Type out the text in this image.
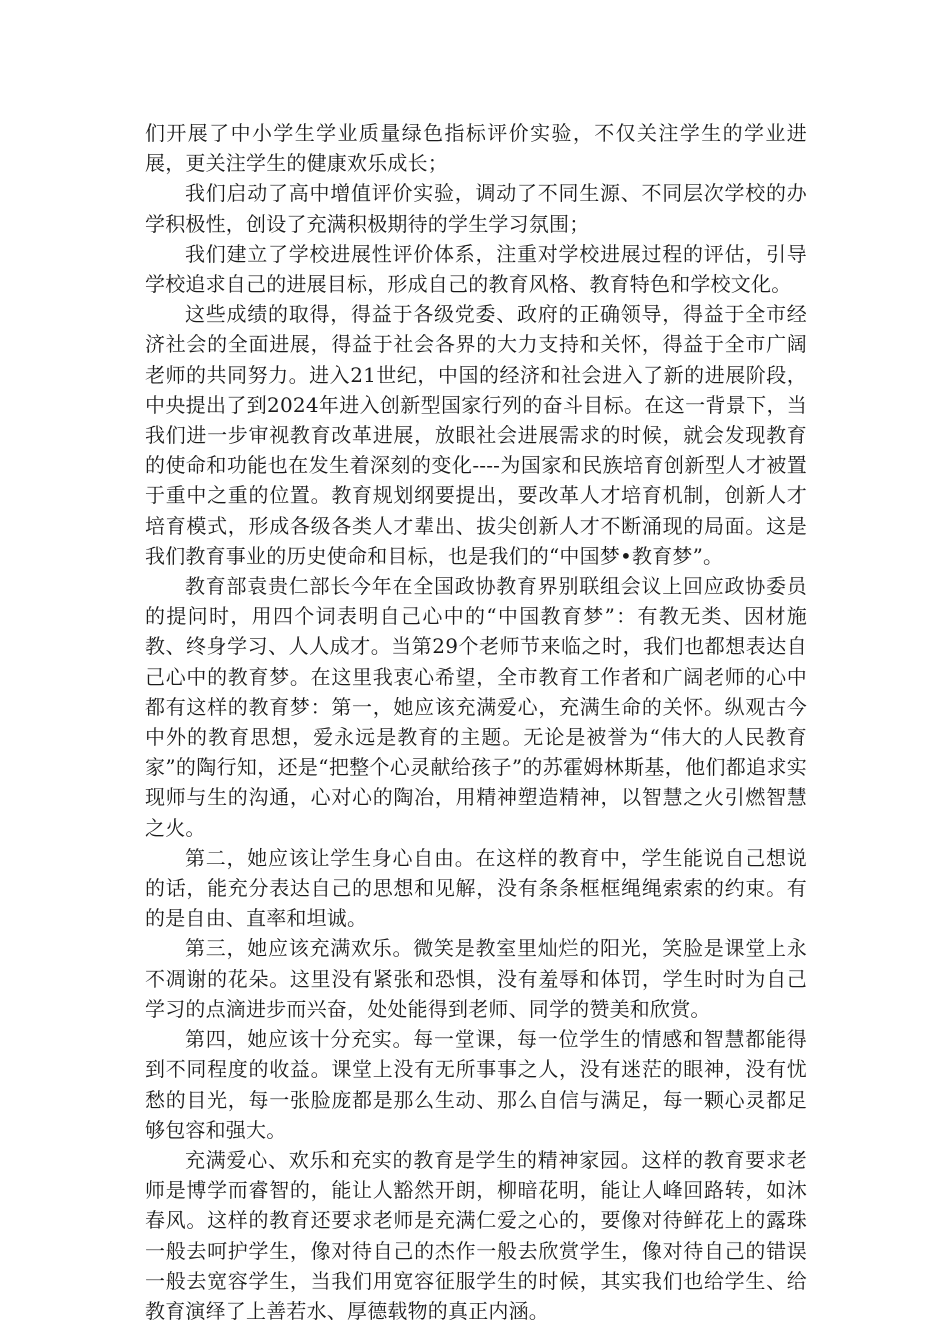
们开展了中小学生学业质量绿色指标评价实验，不仅关注学生的学业进展，更关注学生的健康欢乐成长；

我们启动了高中增值评价实验，调动了不同生源、不同层次学校的办学积极性，创设了充满积极期待的学生学习氛围；

我们建立了学校进展性评价体系，注重对学校进展过程的评估，引导学校追求自己的进展目标，形成自己的教育风格、教育特色和学校文化。

这些成绩的取得，得益于各级党委、政府的正确领导，得益于全市经济社会的全面进展，得益于社会各界的大力支持和关怀，得益于全市广阔老师的共同努力。进入21世纪，中国的经济和社会进入了新的进展阶段，中央提出了到2024年进入创新型国家行列的奋斗目标。在这一背景下，当我们进一步审视教育改革进展，放眼社会进展需求的时候，就会发现教育的使命和功能也在发生着深刻的变化----为国家和民族培育创新型人才被置于重中之重的位置。教育规划纲要提出，要改革人才培育机制，创新人才培育模式，形成各级各类人才辈出、拔尖创新人才不断涌现的局面。这是我们教育事业的历史使命和目标，也是我们的“中国梦•教育梦”。

教育部袁贵仁部长今年在全国政协教育界别联组会议上回应政协委员的提问时，用四个词表明自己心中的“中国教育梦”：有教无类、因材施教、终身学习、人人成才。当第29个老师节来临之时，我们也都想表达自己心中的教育梦。在这里我衷心希望，全市教育工作者和广阔老师的心中都有这样的教育梦：第一，她应该充满爱心，充满生命的关怀。纵观古今中外的教育思想，爱永远是教育的主题。无论是被誉为“伟大的人民教育家”的陶行知，还是“把整个心灵献给孩子”的苏霍姆林斯基，他们都追求实现师与生的沟通，心对心的陶冶，用精神塑造精神，以智慧之火引燃智慧之火。

第二，她应该让学生身心自由。在这样的教育中，学生能说自己想说的话，能充分表达自己的思想和见解，没有条条框框绳绳索索的约束。有的是自由、直率和坦诚。

第三，她应该充满欢乐。微笑是教室里灿烂的阳光，笑脸是课堂上永不凋谢的花朵。这里没有紧张和恐惧，没有羞辱和体罚，学生时时为自己学习的点滴进步而兴奋，处处能得到老师、同学的赞美和欣赏。

第四，她应该十分充实。每一堂课，每一位学生的情感和智慧都能得到不同程度的收益。课堂上没有无所事事之人，没有迷茫的眼神，没有忧愁的目光，每一张脸庞都是那么生动、那么自信与满足，每一颗心灵都足够包容和强大。

充满爱心、欢乐和充实的教育是学生的精神家园。这样的教育要求老师是博学而睿智的，能让人豁然开朗，柳暗花明，能让人峰回路转，如沐春风。这样的教育还要求老师是充满仁爱之心的，要像对待鲜花上的露珠一般去呵护学生，像对待自己的杰作一般去欣赏学生，像对待自己的错误一般去宽容学生，当我们用宽容征服学生的时候，其实我们也给学生、给教育演绎了上善若水、厚德载物的真正内涵。
